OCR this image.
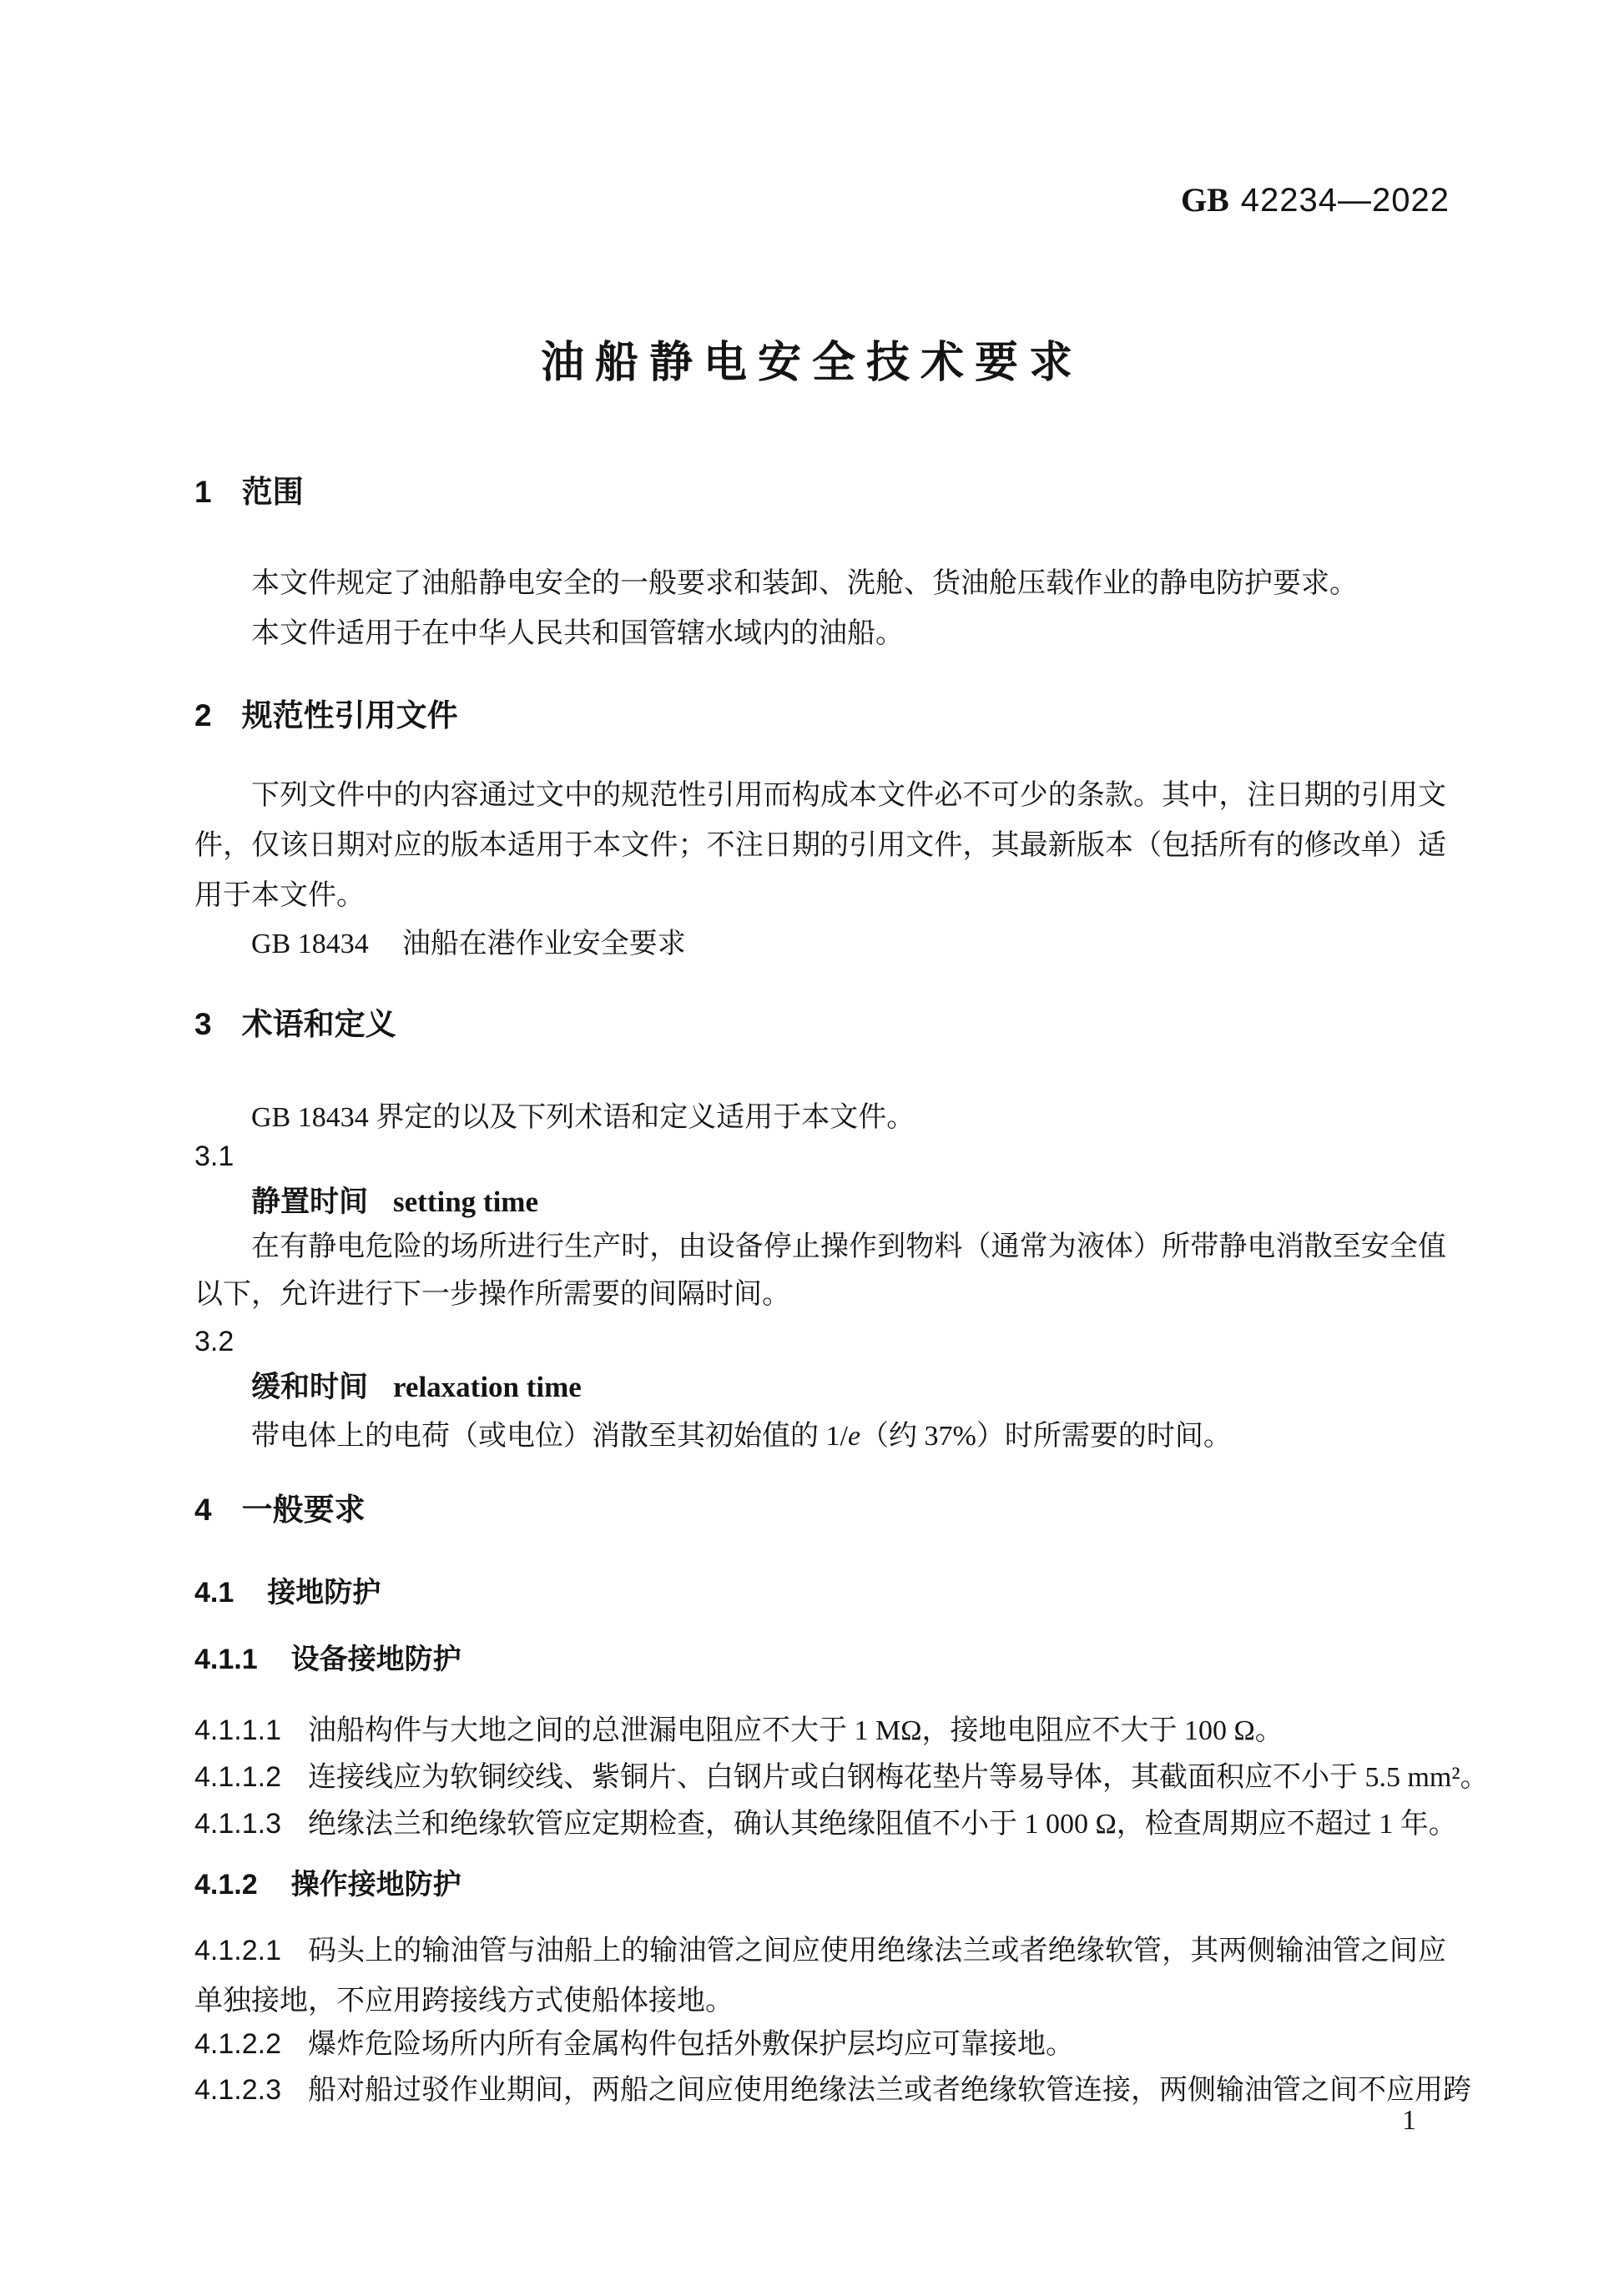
GB 42234—2022
油船静电安全技术要求
1 范围
本文件规定了油船静电安全的一般要求和装卸、洗舱、货油舱压载作业的静电防护要求。
本文件适用于在中华人民共和国管辖水域内的油船。
2 规范性引用文件
下列文件中的内容通过文中的规范性引用而构成本文件必不可少的条款。其中，注日期的引用文件，仅该日期对应的版本适用于本文件；不注日期的引用文件，其最新版本（包括所有的修改单）适用于本文件。
GB 18434 油船在港作业安全要求
3 术语和定义
GB 18434 界定的以及下列术语和定义适用于本文件。
3.1
静置时间 setting time
在有静电危险的场所进行生产时，由设备停止操作到物料（通常为液体）所带静电消散至安全值以下，允许进行下一步操作所需要的间隔时间。
3.2
缓和时间 relaxation time
带电体上的电荷（或电位）消散至其初始值的 1/e（约 37%）时所需要的时间。
4 一般要求
4.1 接地防护
4.1.1 设备接地防护
4.1.1.1 油船构件与大地之间的总泄漏电阻应不大于 1 MΩ，接地电阻应不大于 100 Ω。
4.1.1.2 连接线应为软铜绞线、紫铜片、白钢片或白钢梅花垫片等易导体，其截面积应不小于 5.5 mm²。
4.1.1.3 绝缘法兰和绝缘软管应定期检查，确认其绝缘阻值不小于 1 000 Ω，检查周期应不超过 1 年。
4.1.2 操作接地防护
4.1.2.1 码头上的输油管与油船上的输油管之间应使用绝缘法兰或者绝缘软管，其两侧输油管之间应单独接地，不应用跨接线方式使船体接地。
4.1.2.2 爆炸危险场所内所有金属构件包括外敷保护层均应可靠接地。
4.1.2.3 船对船过驳作业期间，两船之间应使用绝缘法兰或者绝缘软管连接，两侧输油管之间不应用跨
1
